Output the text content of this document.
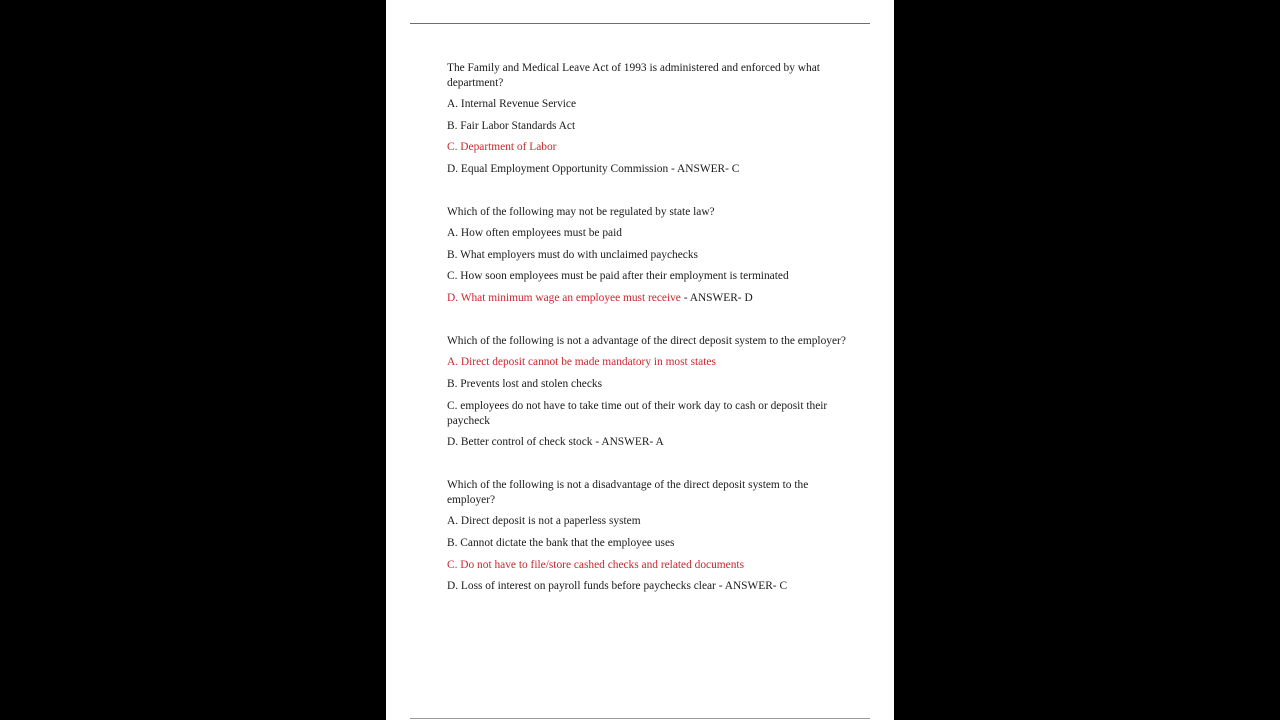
The Family and Medical Leave Act of 1993 is administered and enforced by what department?
A. Internal Revenue Service
B. Fair Labor Standards Act
C. Department of Labor
D. Equal Employment Opportunity Commission - ANSWER- C
Which of the following may not be regulated by state law?
A. How often employees must be paid
B. What employers must do with unclaimed paychecks
C. How soon employees must be paid after their employment is terminated
D. What minimum wage an employee must receive - ANSWER- D
Which of the following is not a advantage of the direct deposit system to the employer?
A. Direct deposit cannot be made mandatory in most states
B. Prevents lost and stolen checks
C. employees do not have to take time out of their work day to cash or deposit their paycheck
D. Better control of check stock - ANSWER- A
Which of the following is not a disadvantage of the direct deposit system to the employer?
A. Direct deposit is not a paperless system
B. Cannot dictate the bank that the employee uses
C. Do not have to file/store cashed checks and related documents
D. Loss of interest on payroll funds before paychecks clear - ANSWER- C
